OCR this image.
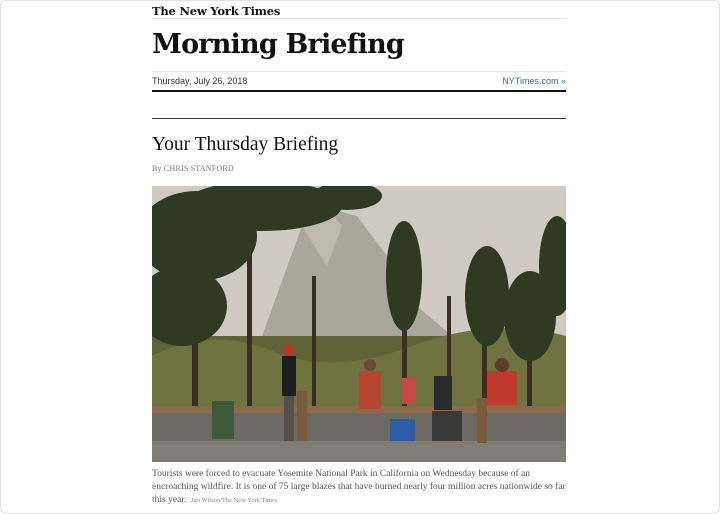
The New York Times
Morning Briefing
Thursday, July 26, 2018	NYTimes.com »
Your Thursday Briefing
By CHRIS STANFORD
Tourists were forced to evacuate Yosemite National Park in California on Wednesday because of an encroaching wildfire. It is one of 75 large blazes that have burned nearly four million acres nationwide so far this year. Jim Wilson/The New York Times
